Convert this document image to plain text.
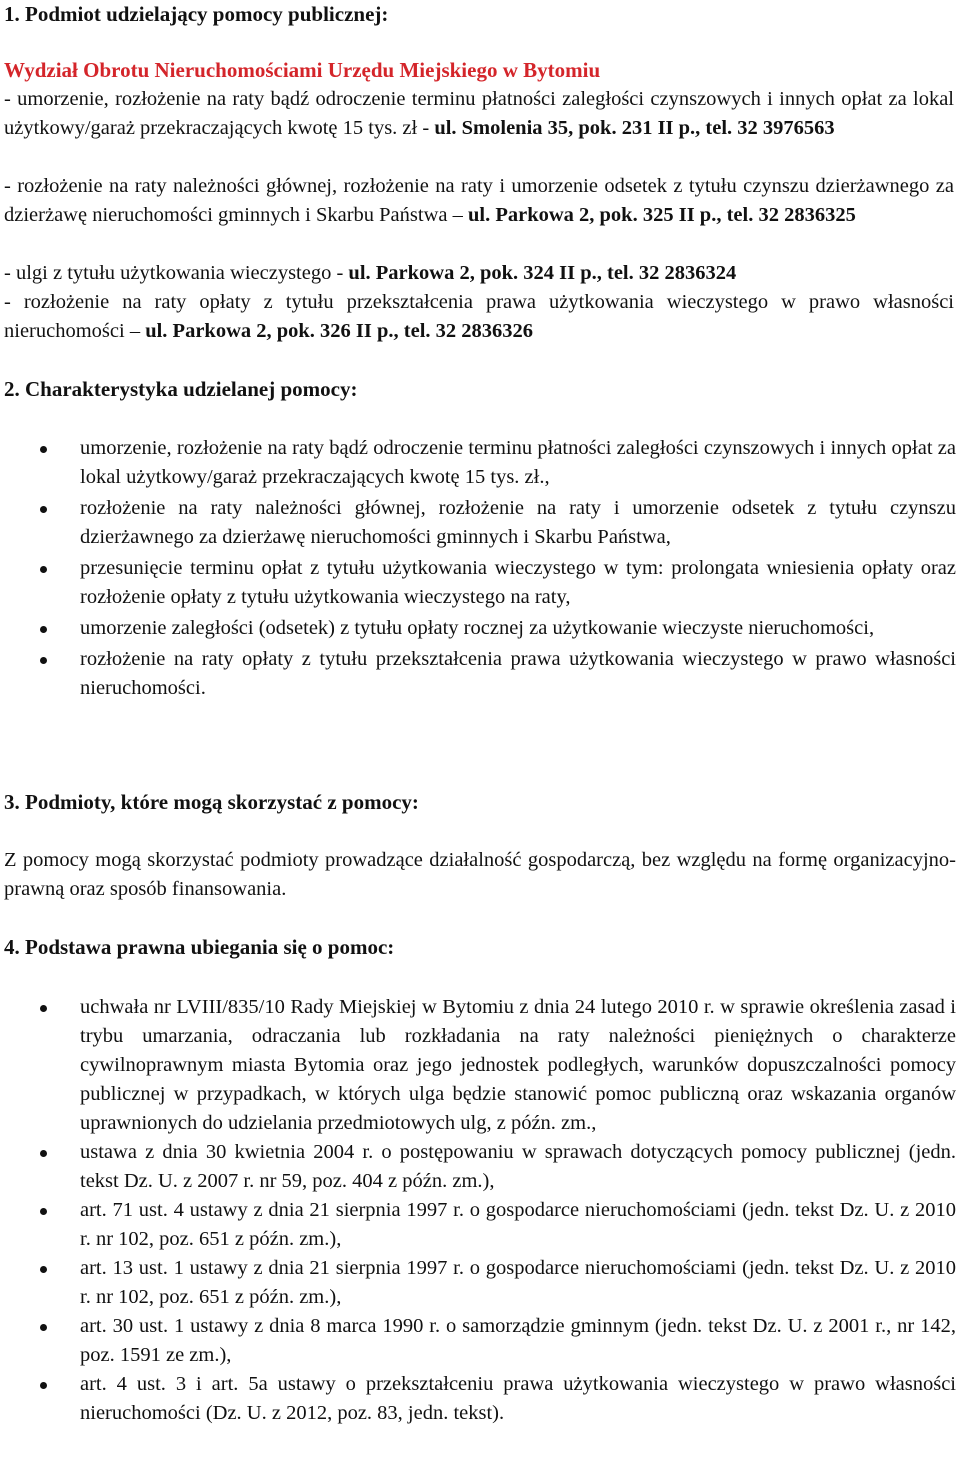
1. Podmiot udzielający pomocy publicznej:
Wydział Obrotu Nieruchomościami Urzędu Miejskiego w Bytomiu
- umorzenie, rozłożenie na raty bądź odroczenie terminu płatności zaległości czynszowych i innych opłat za lokal użytkowy/garaż przekraczających kwotę 15 tys. zł - ul. Smolenia 35, pok. 231 II p., tel. 32 3976563
- rozłożenie na raty należności głównej, rozłożenie na raty i umorzenie odsetek z tytułu czynszu dzierżawnego za dzierżawę nieruchomości gminnych i Skarbu Państwa – ul. Parkowa 2, pok. 325 II p., tel. 32 2836325
- ulgi z tytułu użytkowania wieczystego - ul. Parkowa 2, pok. 324 II p., tel. 32 2836324
- rozłożenie na raty opłaty z tytułu przekształcenia prawa użytkowania wieczystego w prawo własności nieruchomości – ul. Parkowa 2, pok. 326 II p., tel. 32 2836326
2. Charakterystyka udzielanej pomocy:
umorzenie, rozłożenie na raty bądź odroczenie terminu płatności zaległości czynszowych i innych opłat za lokal użytkowy/garaż przekraczających kwotę 15 tys. zł.,
rozłożenie na raty należności głównej, rozłożenie na raty i umorzenie odsetek z tytułu czynszu dzierżawnego za dzierżawę nieruchomości gminnych i Skarbu Państwa,
przesunięcie terminu opłat z tytułu użytkowania wieczystego w tym: prolongata wniesienia opłaty oraz rozłożenie opłaty z tytułu użytkowania wieczystego na raty,
umorzenie zaległości (odsetek) z tytułu opłaty rocznej za użytkowanie wieczyste nieruchomości,
rozłożenie na raty opłaty z tytułu przekształcenia prawa użytkowania wieczystego w prawo własności nieruchomości.
3. Podmioty, które mogą skorzystać z pomocy:
Z pomocy mogą skorzystać podmioty prowadzące działalność gospodarczą, bez względu na formę organizacyjno-prawną oraz sposób finansowania.
4. Podstawa prawna ubiegania się o pomoc:
uchwała nr LVIII/835/10 Rady Miejskiej w Bytomiu z dnia 24 lutego 2010 r. w sprawie określenia zasad i trybu umarzania, odraczania lub rozkładania na raty należności pieniężnych o charakterze cywilnoprawnym miasta Bytomia oraz jego jednostek podległych, warunków dopuszczalności pomocy publicznej w przypadkach, w których ulga będzie stanowić pomoc publiczną oraz wskazania organów uprawnionych do udzielania przedmiotowych ulg, z późn. zm.,
ustawa z dnia 30 kwietnia 2004 r. o postępowaniu w sprawach dotyczących pomocy publicznej (jedn. tekst Dz. U. z 2007 r. nr 59, poz. 404 z późn. zm.),
art. 71 ust. 4 ustawy z dnia 21 sierpnia 1997 r. o gospodarce nieruchomościami (jedn. tekst Dz. U. z 2010 r. nr 102, poz. 651 z późn. zm.),
art. 13 ust. 1 ustawy z dnia 21 sierpnia 1997 r. o gospodarce nieruchomościami (jedn. tekst Dz. U. z 2010 r. nr 102, poz. 651 z późn. zm.),
art. 30 ust. 1 ustawy z dnia 8 marca 1990 r. o samorządzie gminnym (jedn. tekst Dz. U. z 2001 r., nr 142, poz. 1591 ze zm.),
art. 4 ust. 3 i art. 5a ustawy o przekształceniu prawa użytkowania wieczystego w prawo własności nieruchomości (Dz. U. z 2012, poz. 83, jedn. tekst).
